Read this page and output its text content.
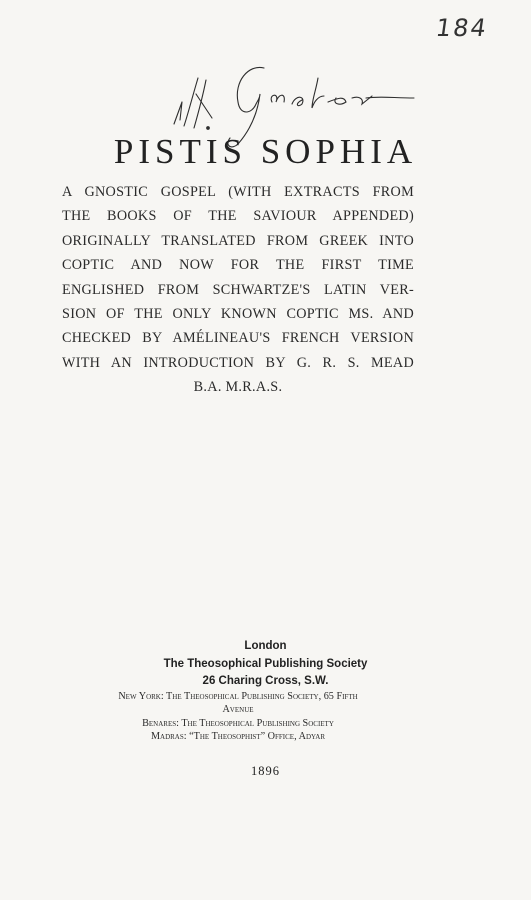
184
PISTIS SOPHIA
A GNOSTIC GOSPEL (WITH EXTRACTS FROM
THE BOOKS OF THE SAVIOUR APPENDED)
ORIGINALLY TRANSLATED FROM GREEK INTO
COPTIC AND NOW FOR THE FIRST TIME
ENGLISHED FROM SCHWARTZE'S LATIN VER-
SION OF THE ONLY KNOWN COPTIC MS. AND
CHECKED BY AMÉLINEAU'S FRENCH VERSION
WITH AN INTRODUCTION BY G. R. S. MEAD
B.A. M.R.A.S.
London
The Theosophical Publishing Society
26 Charing Cross, S.W.
New York: The Theosophical Publishing Society, 65 Fifth
Avenue
Benares: The Theosophical Publishing Society
Madras: “The Theosophist” Office, Adyar
1896
